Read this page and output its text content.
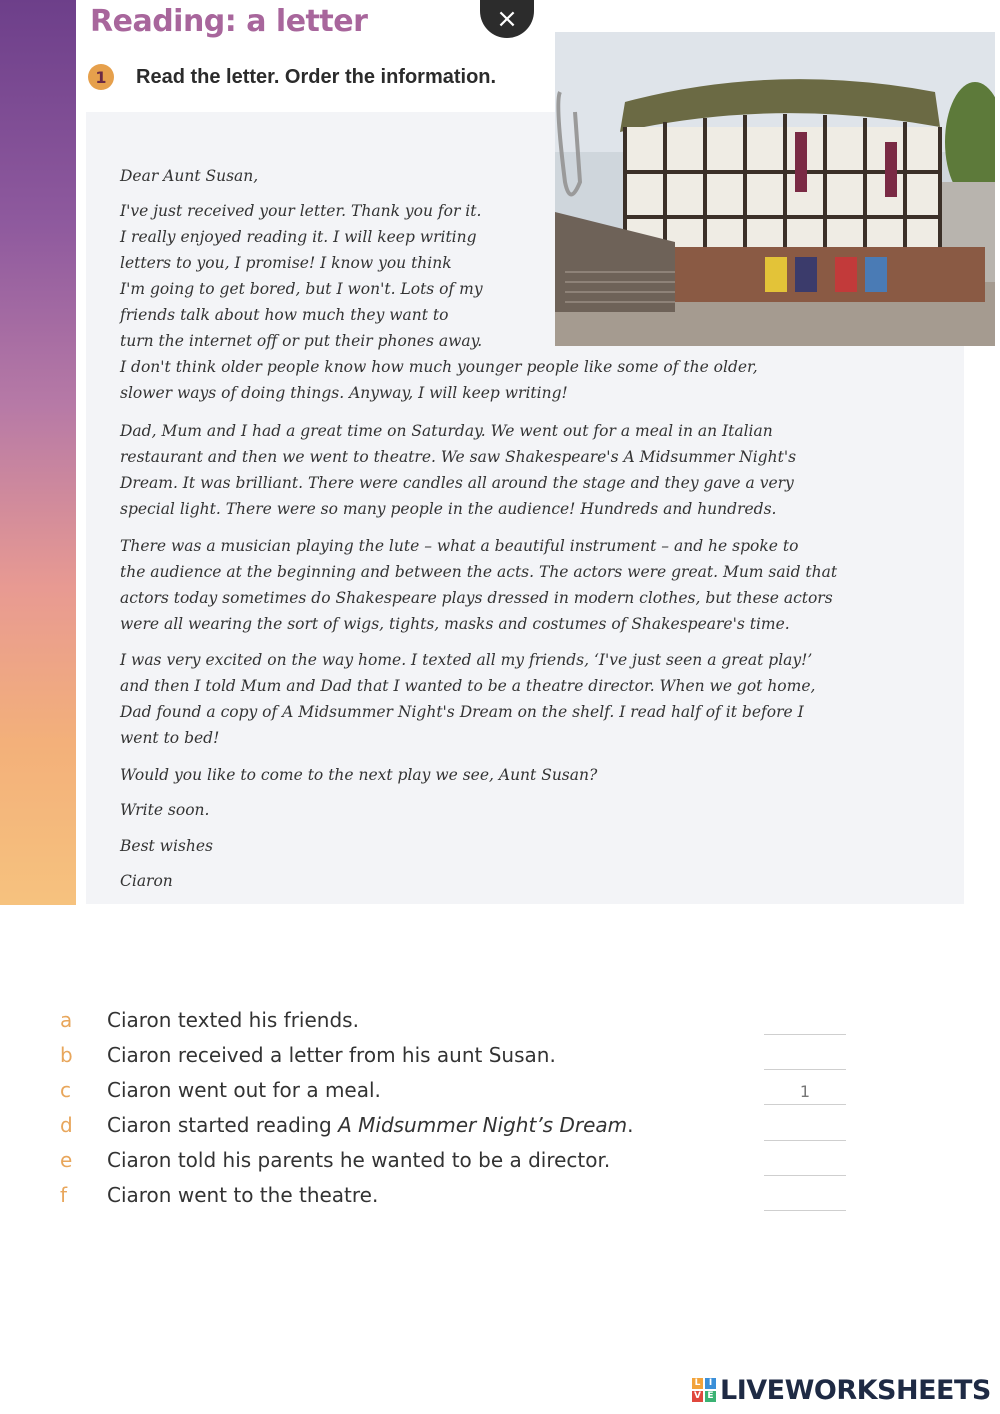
Reading: a letter
1	Read the letter. Order the information.

Dear Aunt Susan,

I've just received your letter. Thank you for it.
I really enjoyed reading it. I will keep writing
letters to you, I promise! I know you think
I'm going to get bored, but I won't. Lots of my
friends talk about how much they want to
turn the internet off or put their phones away.
I don't think older people know how much younger people like some of the older,
slower ways of doing things. Anyway, I will keep writing!

Dad, Mum and I had a great time on Saturday. We went out for a meal in an Italian
restaurant and then we went to theatre. We saw Shakespeare's A Midsummer Night's
Dream. It was brilliant. There were candles all around the stage and they gave a very
special light. There were so many people in the audience! Hundreds and hundreds.

There was a musician playing the lute – what a beautiful instrument – and he spoke to
the audience at the beginning and between the acts. The actors were great. Mum said that
actors today sometimes do Shakespeare plays dressed in modern clothes, but these actors
were all wearing the sort of wigs, tights, masks and costumes of Shakespeare's time.

I was very excited on the way home. I texted all my friends, ‘I've just seen a great play!’
and then I told Mum and Dad that I wanted to be a theatre director. When we got home,
Dad found a copy of A Midsummer Night's Dream on the shelf. I read half of it before I
went to bed!

Would you like to come to the next play we see, Aunt Susan?

Write soon.

Best wishes

Ciaron

×
a	Ciaron texted his friends.
b	Ciaron received a letter from his aunt Susan.
c	Ciaron went out for a meal.
d	Ciaron started reading A Midsummer Night’s Dream.
e	Ciaron told his parents he wanted to be a director.
f	Ciaron went to the theatre.
1
L I
V E LIVEWORKSHEETS
